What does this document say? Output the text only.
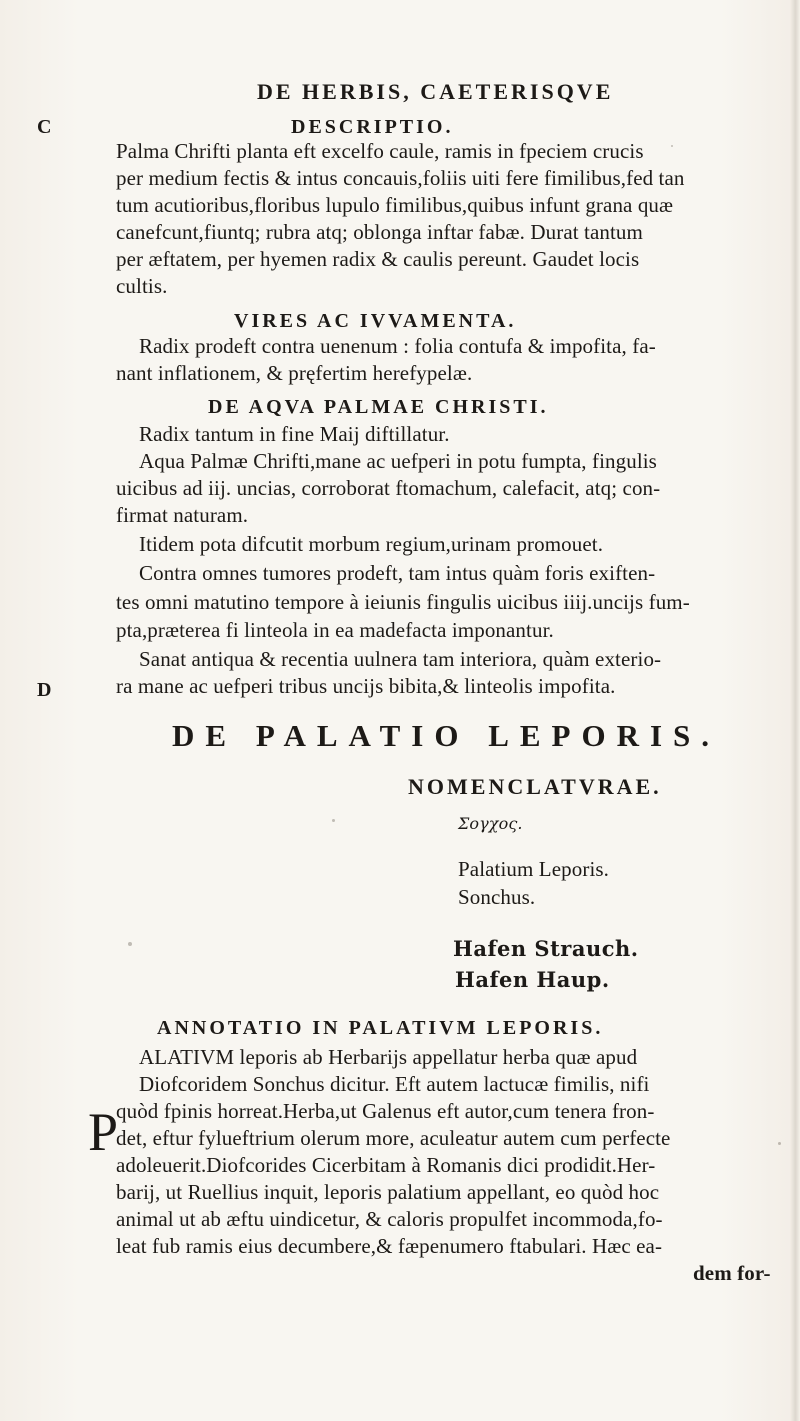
DE HERBIS, CAETERISQVE
C	DESCRIPTIO.
Palma Chrifti planta eft excelfo caule, ramis in fpeciem crucis
per medium fectis & intus concauis,foliis uiti fere fimilibus,fed tan
tum acutioribus,floribus lupulo fimilibus,quibus infunt grana quæ
canefcunt,fiuntq; rubra atq; oblonga inftar fabæ. Durat tantum
per æftatem, per hyemen radix & caulis pereunt. Gaudet locis
cultis.
VIRES AC IVVAMENTA.
Radix prodeft contra uenenum : folia contufa & impofita, fa-
nant inflationem, & pręfertim herefypelæ.
DE AQVA PALMAE CHRISTI.
Radix tantum in fine Maij diftillatur.
Aqua Palmæ Chrifti,mane ac uefperi in potu fumpta, fingulis
uicibus ad iij. uncias, corroborat ftomachum, calefacit, atq; con-
firmat naturam.
Itidem pota difcutit morbum regium,urinam promouet.
Contra omnes tumores prodeft, tam intus quàm foris exiften-
tes omni matutino tempore à ieiunis fingulis uicibus iiij.uncijs fum-
pta,præterea fi linteola in ea madefacta imponantur.
Sanat antiqua & recentia uulnera tam interiora, quàm exterio-
ra mane ac uefperi tribus uncijs bibita,& linteolis impofita.
D
DE PALATIO LEPORIS.
NOMENCLATVRAE.
Σογχος.
Palatium Leporis.
Sonchus.
Hafen Strauch.
Hafen Haup.
ANNOTATIO IN PALATIVM LEPORIS.
P
ALATIVM leporis ab Herbarijs appellatur herba quæ apud
Diofcoridem Sonchus dicitur. Eft autem lactucæ fimilis, nifi
quòd fpinis horreat.Herba,ut Galenus eft autor,cum tenera fron-
det, eftur fylueftrium olerum more, aculeatur autem cum perfecte
adoleuerit.Diofcorides Cicerbitam à Romanis dici prodidit.Her-
barij, ut Ruellius inquit, leporis palatium appellant, eo quòd hoc
animal ut ab æftu uindicetur, & caloris propulfet incommoda,fo-
leat fub ramis eius decumbere,& fæpenumero ftabulari. Hæc ea-
dem for-
